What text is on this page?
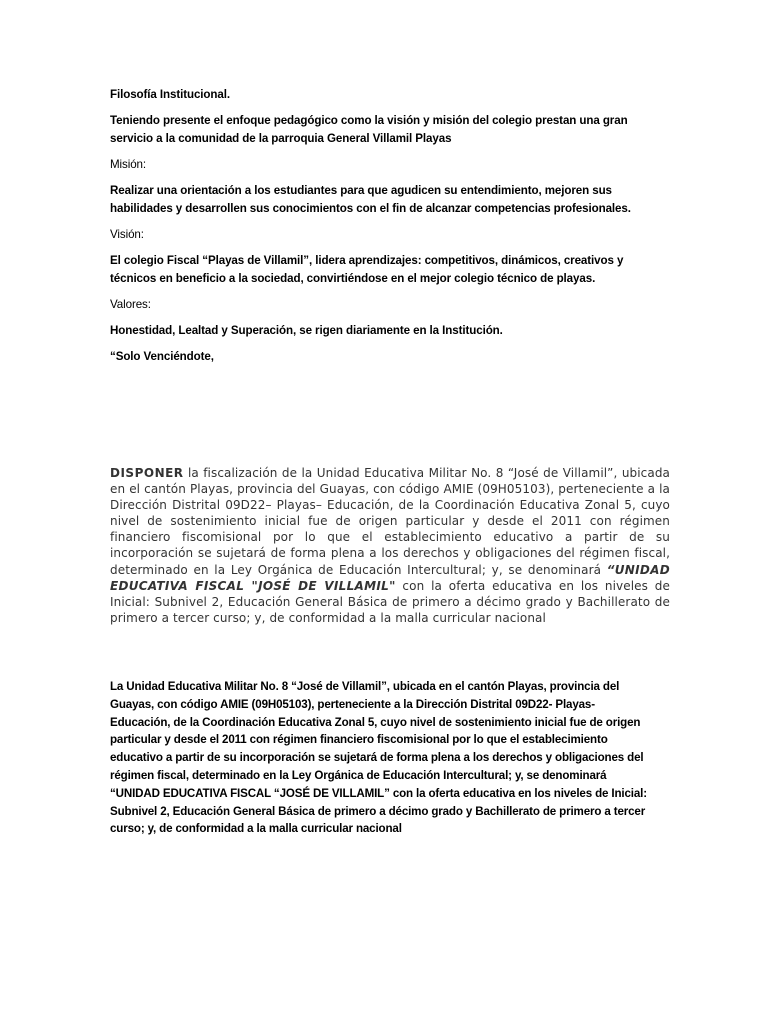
Filosofía Institucional.

Teniendo presente el enfoque pedagógico como la visión y misión del colegio prestan una gran servicio a la comunidad de la parroquia General Villamil Playas

Misión:

Realizar una orientación a los estudiantes para que agudicen su entendimiento, mejoren sus habilidades y desarrollen sus conocimientos con el fin de alcanzar competencias profesionales.

Visión:

El colegio Fiscal “Playas de Villamil”, lidera aprendizajes: competitivos, dinámicos, creativos y técnicos en beneficio a la sociedad, convirtiéndose en el mejor colegio técnico de playas.

Valores:

Honestidad, Lealtad y Superación, se rigen diariamente en la Institución.

“Solo Venciéndote,

DISPONER la fiscalización de la Unidad Educativa Militar No. 8 “José de Villamil”, ubicada en el cantón Playas, provincia del Guayas, con código AMIE (09H05103), perteneciente a la Dirección Distrital 09D22– Playas– Educación, de la Coordinación Educativa Zonal 5, cuyo nivel de sostenimiento inicial fue de origen particular y desde el 2011 con régimen financiero fiscomisional por lo que el establecimiento educativo a partir de su incorporación se sujetará de forma plena a los derechos y obligaciones del régimen fiscal, determinado en la Ley Orgánica de Educación Intercultural; y, se denominará “UNIDAD EDUCATIVA FISCAL "JOSÉ DE VILLAMIL" con la oferta educativa en los niveles de Inicial: Subnivel 2, Educación General Básica de primero a décimo grado y Bachillerato de primero a tercer curso; y, de conformidad a la malla curricular nacional
La Unidad Educativa Militar No. 8 “José de Villamil”, ubicada en el cantón Playas, provincia del Guayas, con código AMIE (09H05103), perteneciente a la Dirección Distrital 09D22- Playas-Educación, de la Coordinación Educativa Zonal 5, cuyo nivel de sostenimiento inicial fue de origen particular y desde el 2011 con régimen financiero fiscomisional por lo que el establecimiento educativo a partir de su incorporación se sujetará de forma plena a los derechos y obligaciones del régimen fiscal, determinado en la Ley Orgánica de Educación Intercultural; y, se denominará “UNIDAD EDUCATIVA FISCAL “JOSÉ DE VILLAMIL” con la oferta educativa en los niveles de Inicial: Subnivel 2, Educación General Básica de primero a décimo grado y Bachillerato de primero a tercer curso; y, de conformidad a la malla curricular nacional
